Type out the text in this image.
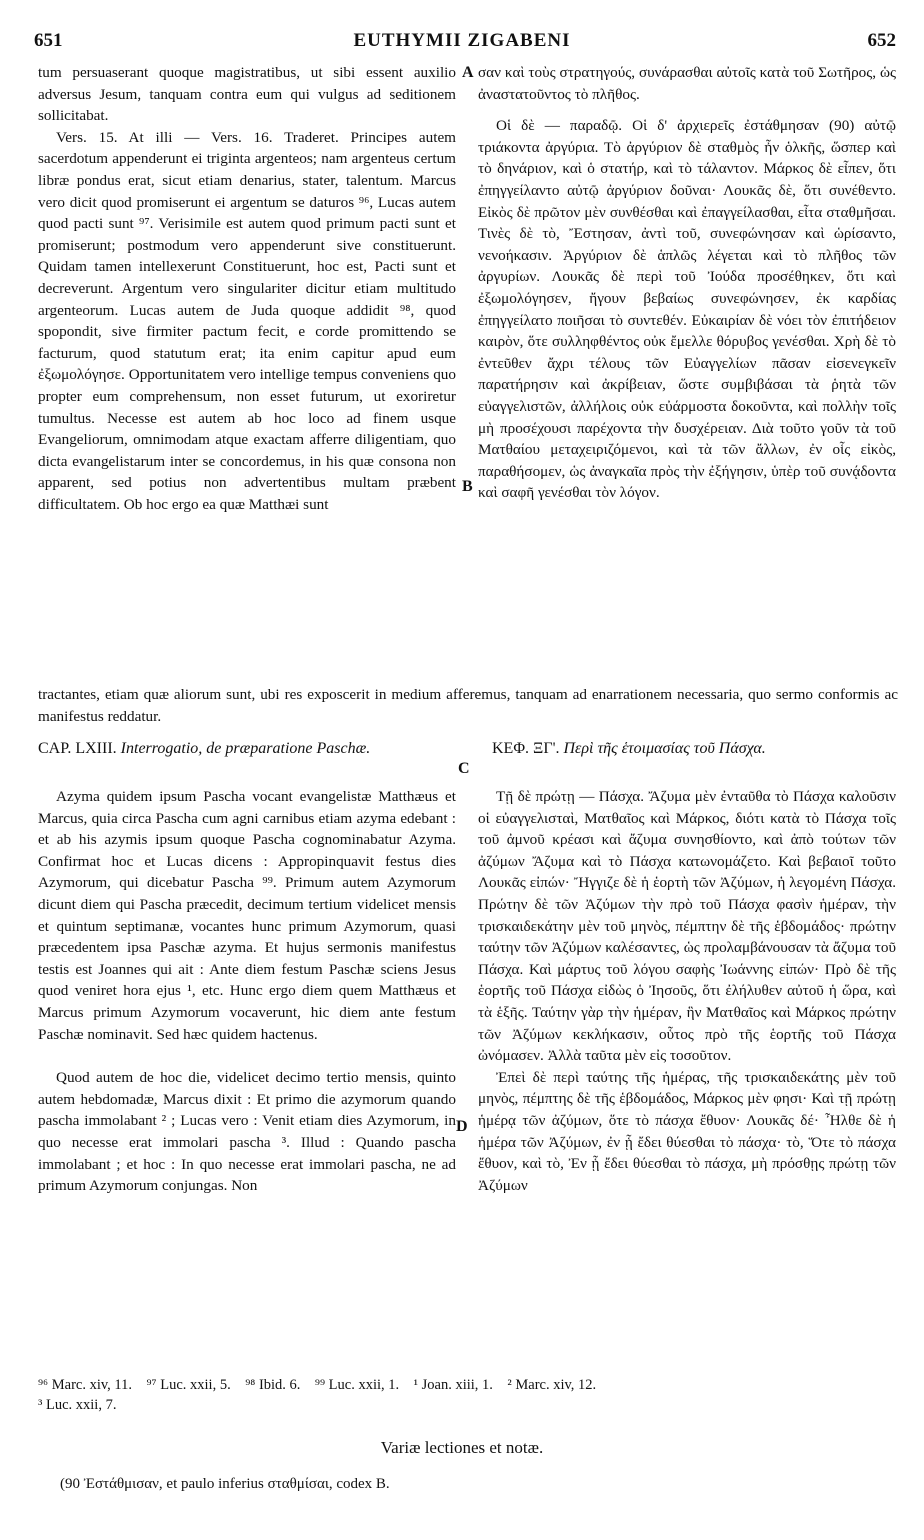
651	EUTHYMII ZIGABENI	652
A
B
C
D

tum persuaserant quoque magistratibus, ut sibi essent auxilio adversus Jesum, tanquam contra eum qui vulgus ad seditionem sollicitabat.

Vers. 15. At illi — Vers. 16. Traderet. Principes autem sacerdotum appenderunt ei triginta argenteos; nam argenteus certum libræ pondus erat, sicut etiam denarius, stater, talentum. Marcus vero dicit quod promiserunt ei argentum se daturos ⁹⁶, Lucas autem quod pacti sunt ⁹⁷. Verisimile est autem quod primum pacti sunt et promiserunt; postmodum vero appenderunt sive constituerunt. Quidam tamen intellexerunt Constituerunt, hoc est, Pacti sunt et decreverunt. Argentum vero singulariter dicitur etiam multitudo argenteorum. Lucas autem de Juda quoque addidit ⁹⁸, quod spopondit, sive firmiter pactum fecit, e corde promittendo se facturum, quod statutum erat; ita enim capitur apud eum ἐξωμολόγησε. Opportunitatem vero intellige tempus conveniens quo propter eum comprehensum, non esset futurum, ut exoriretur tumultus. Necesse est autem ab hoc loco ad finem usque Evangeliorum, omnimodam atque exactam afferre diligentiam, quo dicta evangelistarum inter se concordemus, in his quæ consona non apparent, sed potius non advertentibus multam præbent difficultatem. Ob hoc ergo ea quæ Matthæi sunt

σαν καὶ τοὺς στρατηγούς, συνάρασθαι αὐτοῖς κατὰ τοῦ Σωτῆρος, ὡς ἀναστατοῦντος τὸ πλῆθος.

Οἱ δὲ — παραδῷ. Οἱ δ' ἀρχιερεῖς ἐστάθμησαν (90) αὐτῷ τριάκοντα ἀργύρια. Τὸ ἀργύριον δὲ σταθμὸς ἦν ὁλκῆς, ὥσπερ καὶ τὸ δηνάριον, καὶ ὁ στατήρ, καὶ τὸ τάλαντον. Μάρκος δὲ εἶπεν, ὅτι ἐπηγγείλαντο αὐτῷ ἀργύριον δοῦναι· Λουκᾶς δὲ, ὅτι συνέθεντο. Εἰκὸς δὲ πρῶτον μὲν συνθέσθαι καὶ ἐπαγγείλασθαι, εἶτα σταθμῆσαι. Τινὲς δὲ τὸ, Ἔστησαν, ἀντὶ τοῦ, συνεφώνησαν καὶ ὡρίσαντο, νενοήκασιν. Ἀργύριον δὲ ἁπλῶς λέγεται καὶ τὸ πλῆθος τῶν ἀργυρίων. Λουκᾶς δὲ περὶ τοῦ Ἰούδα προσέθηκεν, ὅτι καὶ ἐξωμολόγησεν, ἤγουν βεβαίως συνεφώνησεν, ἐκ καρδίας ἐπηγγείλατο ποιῆσαι τὸ συντεθέν. Εὐκαιρίαν δὲ νόει τὸν ἐπιτήδειον καιρὸν, ὅτε συλληφθέντος οὐκ ἔμελλε θόρυβος γενέσθαι. Χρὴ δὲ τὸ ἐντεῦθεν ἄχρι τέλους τῶν Εὐαγγελίων πᾶσαν εἰσενεγκεῖν παρατήρησιν καὶ ἀκρίβειαν, ὥστε συμβιβάσαι τὰ ῥητὰ τῶν εὐαγγελιστῶν, ἀλλήλοις οὐκ εὐάρμοστα δοκοῦντα, καὶ πολλὴν τοῖς μὴ προσέχουσι παρέχοντα τὴν δυσχέρειαν. Διὰ τοῦτο γοῦν τὰ τοῦ Ματθαίου μεταχειριζόμενοι, καὶ τὰ τῶν ἄλλων, ἐν οἷς εἰκὸς, παραθήσομεν, ὡς ἀναγκαῖα πρὸς τὴν ἐξήγησιν, ὑπὲρ τοῦ συνᾴδοντα καὶ σαφῆ γενέσθαι τὸν λόγον.

tractantes, etiam quæ aliorum sunt, ubi res exposcerit in medium afferemus, tanquam ad enarrationem necessaria, quo sermo conformis ac manifestus reddatur.
CAP. LXIII. Interrogatio, de præparatione Paschæ.	ΚΕΦ. ΞΓ'. Περὶ τῆς ἑτοιμασίας τοῦ Πάσχα.

Azyma quidem ipsum Pascha vocant evangelistæ Matthæus et Marcus, quia circa Pascha cum agni carnibus etiam azyma edebant : et ab his azymis ipsum quoque Pascha cognominabatur Azyma. Confirmat hoc et Lucas dicens : Appropinquavit festus dies Azymorum, qui dicebatur Pascha ⁹⁹. Primum autem Azymorum dicunt diem qui Pascha præcedit, decimum tertium videlicet mensis et quintum septimanæ, vocantes hunc primum Azymorum, quasi præcedentem ipsa Paschæ azyma. Et hujus sermonis manifestus testis est Joannes qui ait : Ante diem festum Paschæ sciens Jesus quod veniret hora ejus ¹, etc. Hunc ergo diem quem Matthæus et Marcus primum Azymorum vocaverunt, hic diem ante festum Paschæ nominavit. Sed hæc quidem hactenus.

Quod autem de hoc die, videlicet decimo tertio mensis, quinto autem hebdomadæ, Marcus dixit : Et primo die azymorum quando pascha immolabant ² ; Lucas vero : Venit etiam dies Azymorum, in quo necesse erat immolari pascha ³. Illud : Quando pascha immolabant ; et hoc : In quo necesse erat immolari pascha, ne ad primum Azymorum conjungas. Non

Τῇ δὲ πρώτῃ — Πάσχα. Ἄζυμα μὲν ἐνταῦθα τὸ Πάσχα καλοῦσιν οἱ εὐαγγελισταὶ, Ματθαῖος καὶ Μάρκος, διότι κατὰ τὸ Πάσχα τοῖς τοῦ ἀμνοῦ κρέασι καὶ ἄζυμα συνησθίοντο, καὶ ἀπὸ τούτων τῶν ἀζύμων Ἄζυμα καὶ τὸ Πάσχα κατωνομάζετο. Καὶ βεβαιοῖ τοῦτο Λουκᾶς εἰπών· Ἤγγιζε δὲ ἡ ἑορτὴ τῶν Ἀζύμων, ἡ λεγομένη Πάσχα. Πρώτην δὲ τῶν Ἀζύμων τὴν πρὸ τοῦ Πάσχα φασὶν ἡμέραν, τὴν τρισκαιδεκάτην μὲν τοῦ μηνὸς, πέμπτην δὲ τῆς ἑβδομάδος· πρώτην ταύτην τῶν Ἀζύμων καλέσαντες, ὡς προλαμβάνουσαν τὰ ἄζυμα τοῦ Πάσχα. Καὶ μάρτυς τοῦ λόγου σαφὴς Ἰωάννης εἰπών· Πρὸ δὲ τῆς ἑορτῆς τοῦ Πάσχα εἰδὼς ὁ Ἰησοῦς, ὅτι ἐλήλυθεν αὐτοῦ ἡ ὥρα, καὶ τὰ ἑξῆς. Ταύτην γὰρ τὴν ἡμέραν, ἣν Ματθαῖος καὶ Μάρκος πρώτην τῶν Ἀζύμων κεκλήκασιν, οὗτος πρὸ τῆς ἑορτῆς τοῦ Πάσχα ὠνόμασεν. Ἀλλὰ ταῦτα μὲν εἰς τοσοῦτον.

Ἐπεὶ δὲ περὶ ταύτης τῆς ἡμέρας, τῆς τρισκαιδεκάτης μὲν τοῦ μηνὸς, πέμπτης δὲ τῆς ἑβδομάδος, Μάρκος μὲν φησι· Καὶ τῇ πρώτῃ ἡμέρᾳ τῶν ἀζύμων, ὅτε τὸ πάσχα ἔθυον· Λουκᾶς δέ· Ἦλθε δὲ ἡ ἡμέρα τῶν Ἀζύμων, ἐν ᾗ ἔδει θύεσθαι τὸ πάσχα· τὸ, Ὅτε τὸ πάσχα ἔθυον, καὶ τὸ, Ἐν ᾗ ἔδει θύεσθαι τὸ πάσχα, μὴ πρόσθῃς πρώτῃ τῶν Ἀζύμων

⁹⁶ Marc. xiv, 11.    ⁹⁷ Luc. xxii, 5.    ⁹⁸ Ibid. 6.    ⁹⁹ Luc. xxii, 1.    ¹ Joan. xiii, 1.    ² Marc. xiv, 12.
³ Luc. xxii, 7.
Variæ lectiones et notæ.
(90 Ἐστάθμισαν, et paulo inferius σταθμίσαι, codex B.
